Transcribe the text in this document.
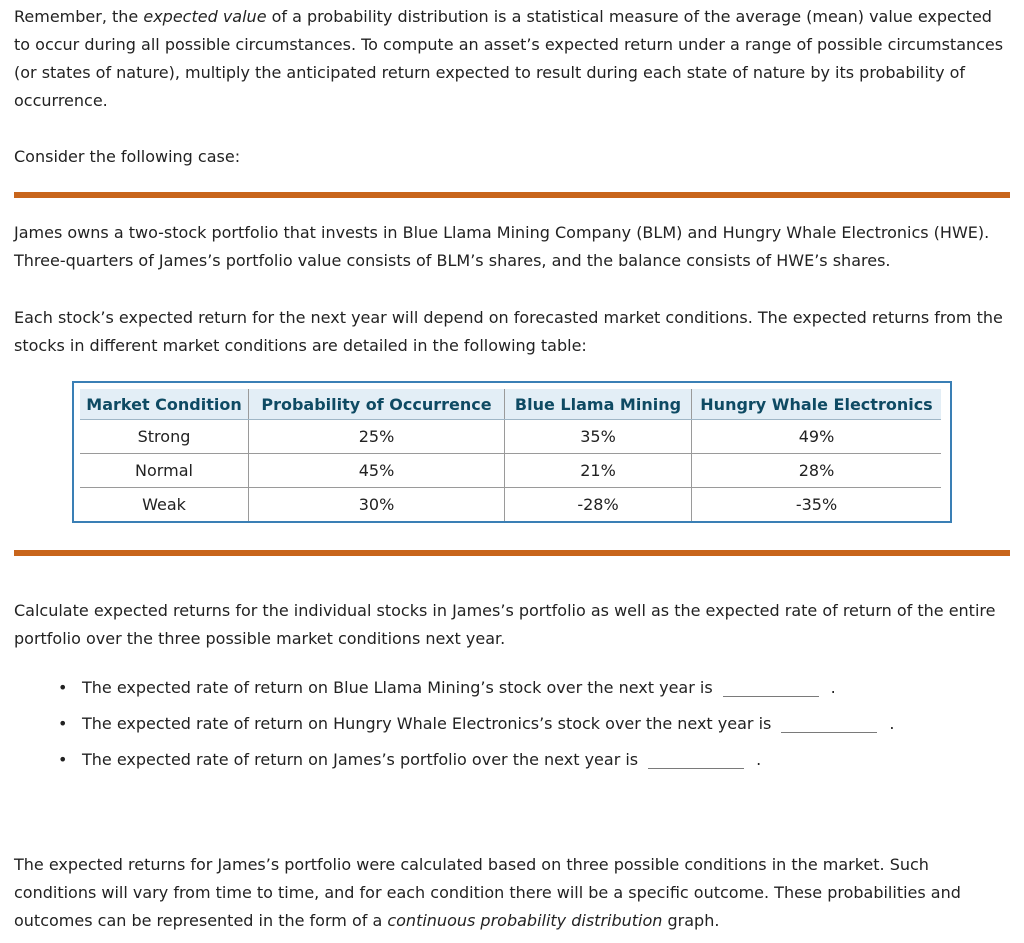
Remember, the expected value of a probability distribution is a statistical measure of the average (mean) value expected to occur during all possible circumstances. To compute an asset’s expected return under a range of possible circumstances (or states of nature), multiply the anticipated return expected to result during each state of nature by its probability of occurrence.

Consider the following case:

James owns a two-stock portfolio that invests in Blue Llama Mining Company (BLM) and Hungry Whale Electronics (HWE). Three-quarters of James’s portfolio value consists of BLM’s shares, and the balance consists of HWE’s shares.

Each stock’s expected return for the next year will depend on forecasted market conditions. The expected returns from the stocks in different market conditions are detailed in the following table:

Market Condition	Probability of Occurrence	Blue Llama Mining	Hungry Whale Electronics
Strong	25%	35%	49%
Normal	45%	21%	28%
Weak	30%	-28%	-35%

Calculate expected returns for the individual stocks in James’s portfolio as well as the expected rate of return of the entire portfolio over the three possible market conditions next year.

• The expected rate of return on Blue Llama Mining’s stock over the next year is	.
• The expected rate of return on Hungry Whale Electronics’s stock over the next year is	.
• The expected rate of return on James’s portfolio over the next year is	.

The expected returns for James’s portfolio were calculated based on three possible conditions in the market. Such conditions will vary from time to time, and for each condition there will be a specific outcome. These probabilities and outcomes can be represented in the form of a continuous probability distribution graph.
